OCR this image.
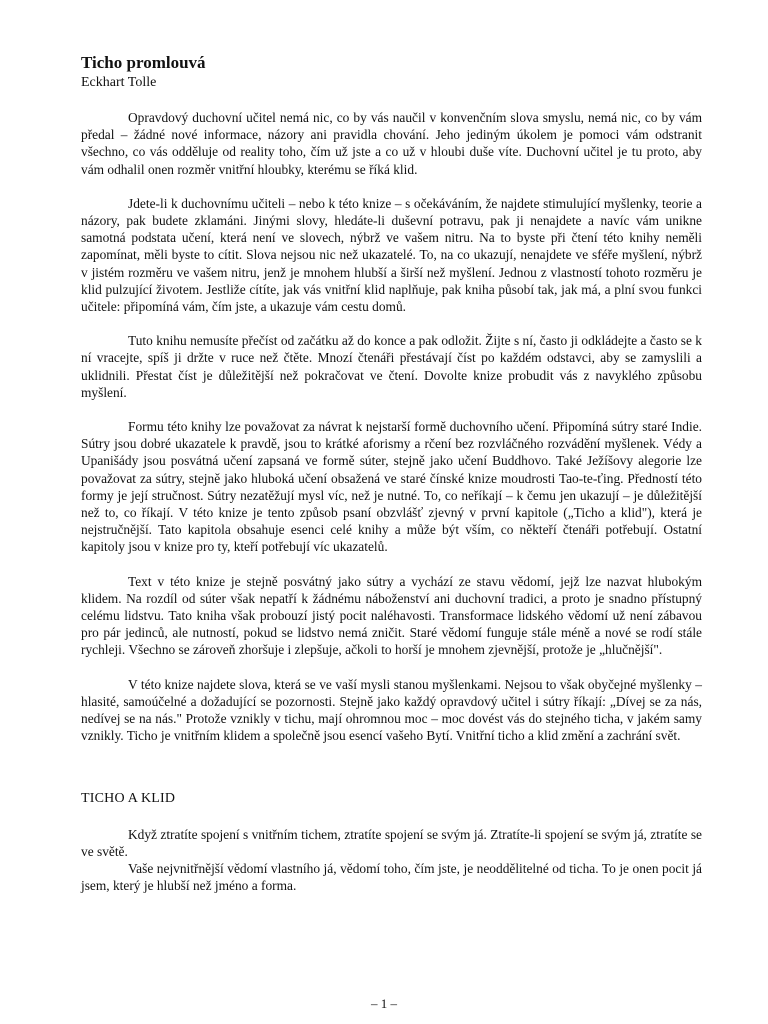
Ticho promlouvá
Eckhart Tolle

Opravdový duchovní učitel nemá nic, co by vás naučil v konvenčním slova smyslu, nemá nic, co by vám předal – žádné nové informace, názory ani pravidla chování. Jeho jediným úkolem je pomoci vám odstranit všechno, co vás odděluje od reality toho, čím už jste a co už v hloubi duše víte. Duchovní učitel je tu proto, aby vám odhalil onen rozměr vnitřní hloubky, kterému se říká klid.

Jdete-li k duchovnímu učiteli – nebo k této knize – s očekáváním, že najdete stimulující myšlenky, teorie a názory, pak budete zklamáni. Jinými slovy, hledáte-li duševní potravu, pak ji nenajdete a navíc vám unikne samotná podstata učení, která není ve slovech, nýbrž ve vašem nitru. Na to byste při čtení této knihy neměli zapomínat, měli byste to cítit. Slova nejsou nic než ukazatelé. To, na co ukazují, nenajdete ve sféře myšlení, nýbrž v jistém rozměru ve vašem nitru, jenž je mnohem hlubší a širší než myšlení. Jednou z vlastností tohoto rozměru je klid pulzující životem. Jestliže cítíte, jak vás vnitřní klid naplňuje, pak kniha působí tak, jak má, a plní svou funkci učitele: připomíná vám, čím jste, a ukazuje vám cestu domů.

Tuto knihu nemusíte přečíst od začátku až do konce a pak odložit. Žijte s ní, často ji odkládejte a často se k ní vracejte, spíš ji držte v ruce než čtěte. Mnozí čtenáři přestávají číst po každém odstavci, aby se zamyslili a uklidnili. Přestat číst je důležitější než pokračovat ve čtení. Dovolte knize probudit vás z navyklého způsobu myšlení.

Formu této knihy lze považovat za návrat k nejstarší formě duchovního učení. Připomíná sútry staré Indie. Sútry jsou dobré ukazatele k pravdě, jsou to krátké aforismy a rčení bez rozvláčného rozvádění myšlenek. Védy a Upanišády jsou posvátná učení zapsaná ve formě súter, stejně jako učení Buddhovo. Také Ježíšovy alegorie lze považovat za sútry, stejně jako hluboká učení obsažená ve staré čínské knize moudrosti Tao-te-ťing. Předností této formy je její stručnost. Sútry nezatěžují mysl víc, než je nutné. To, co neříkají – k čemu jen ukazují – je důležitější než to, co říkají. V této knize je tento způsob psaní obzvlášť zjevný v první kapitole („Ticho a klid"), která je nejstručnější. Tato kapitola obsahuje esenci celé knihy a může být vším, co někteří čtenáři potřebují. Ostatní kapitoly jsou v knize pro ty, kteří potřebují víc ukazatelů.

Text v této knize je stejně posvátný jako sútry a vychází ze stavu vědomí, jejž lze nazvat hlubokým klidem. Na rozdíl od súter však nepatří k žádnému náboženství ani duchovní tradici, a proto je snadno přístupný celému lidstvu. Tato kniha však probouzí jistý pocit naléhavosti. Transformace lidského vědomí už není zábavou pro pár jedinců, ale nutností, pokud se lidstvo nemá zničit. Staré vědomí funguje stále méně a nové se rodí stále rychleji. Všechno se zároveň zhoršuje i zlepšuje, ačkoli to horší je mnohem zjevnější, protože je „hlučnější".

V této knize najdete slova, která se ve vaší mysli stanou myšlenkami. Nejsou to však obyčejné myšlenky – hlasité, samoúčelné a dožadující se pozornosti. Stejně jako každý opravdový učitel i sútry říkají: „Dívej se za nás, nedívej se na nás." Protože vznikly v tichu, mají ohromnou moc – moc dovést vás do stejného ticha, v jakém samy vznikly. Ticho je vnitřním klidem a společně jsou esencí vašeho Bytí. Vnitřní ticho a klid změní a zachrání svět.

TICHO A KLID

Když ztratíte spojení s vnitřním tichem, ztratíte spojení se svým já. Ztratíte-li spojení se svým já, ztratíte se ve světě.

Vaše nejvnitřnější vědomí vlastního já, vědomí toho, čím jste, je neoddělitelné od ticha. To je onen pocit já jsem, který je hlubší než jméno a forma.

– 1 –
